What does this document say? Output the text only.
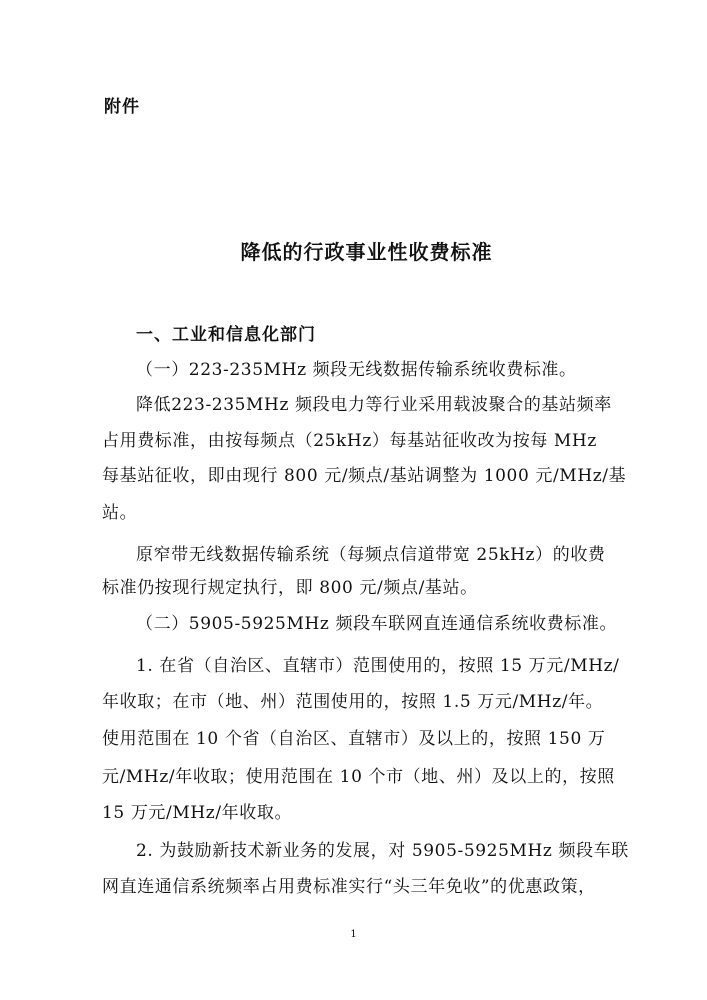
附件
降低的行政事业性收费标准
一、工业和信息化部门
（一）223-235MHz 频段无线数据传输系统收费标准。
降低223-235MHz 频段电力等行业采用载波聚合的基站频率
占用费标准，由按每频点（25kHz）每基站征收改为按每 MHz
每基站征收，即由现行 800 元/频点/基站调整为 1000 元/MHz/基
站。
原窄带无线数据传输系统（每频点信道带宽 25kHz）的收费
标准仍按现行规定执行，即 800 元/频点/基站。
（二）5905-5925MHz 频段车联网直连通信系统收费标准。
1. 在省（自治区、直辖市）范围使用的，按照 15 万元/MHz/
年收取；在市（地、州）范围使用的，按照 1.5 万元/MHz/年。
使用范围在 10 个省（自治区、直辖市）及以上的，按照 150 万
元/MHz/年收取；使用范围在 10 个市（地、州）及以上的，按照
15 万元/MHz/年收取。
2. 为鼓励新技术新业务的发展，对 5905-5925MHz 频段车联
网直连通信系统频率占用费标准实行“头三年免收”的优惠政策，
1
